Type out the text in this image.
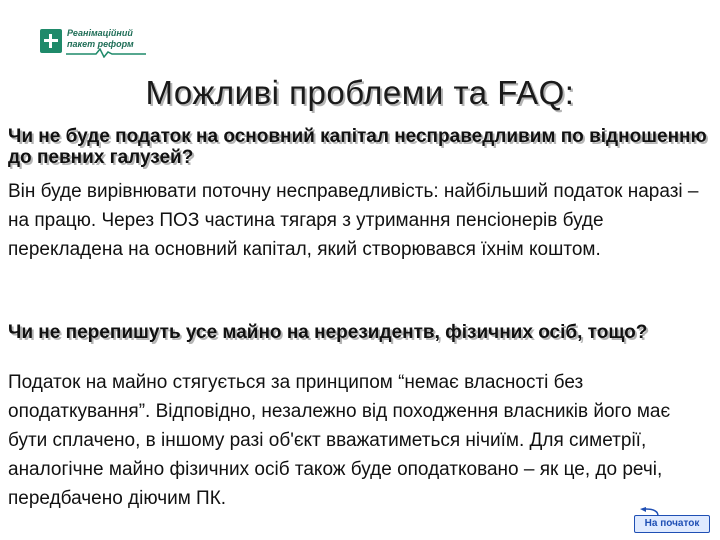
Реанімаційний пакет реформ
Можливі проблеми та FAQ:
Чи не буде податок на основний капітал несправедливим по відношенню до певних галузей?
Він буде вирівнювати поточну несправедливість: найбільший податок наразі – на працю. Через ПОЗ частина тягаря з утримання пенсіонерів буде перекладена на основний капітал, який створювався їхнім коштом.
Чи не перепишуть усе майно на нерезидентв, фізичних осіб, тощо?
Податок на майно стягується за принципом “немає власності без оподаткування”. Відповідно, незалежно від походження власників його має бути сплачено, в іншому разі об'єкт вважатиметься нічиїм. Для симетрії, аналогічне майно фізичних осіб також буде оподатковано – як це, до речі, передбачено діючим ПК.
На початок
